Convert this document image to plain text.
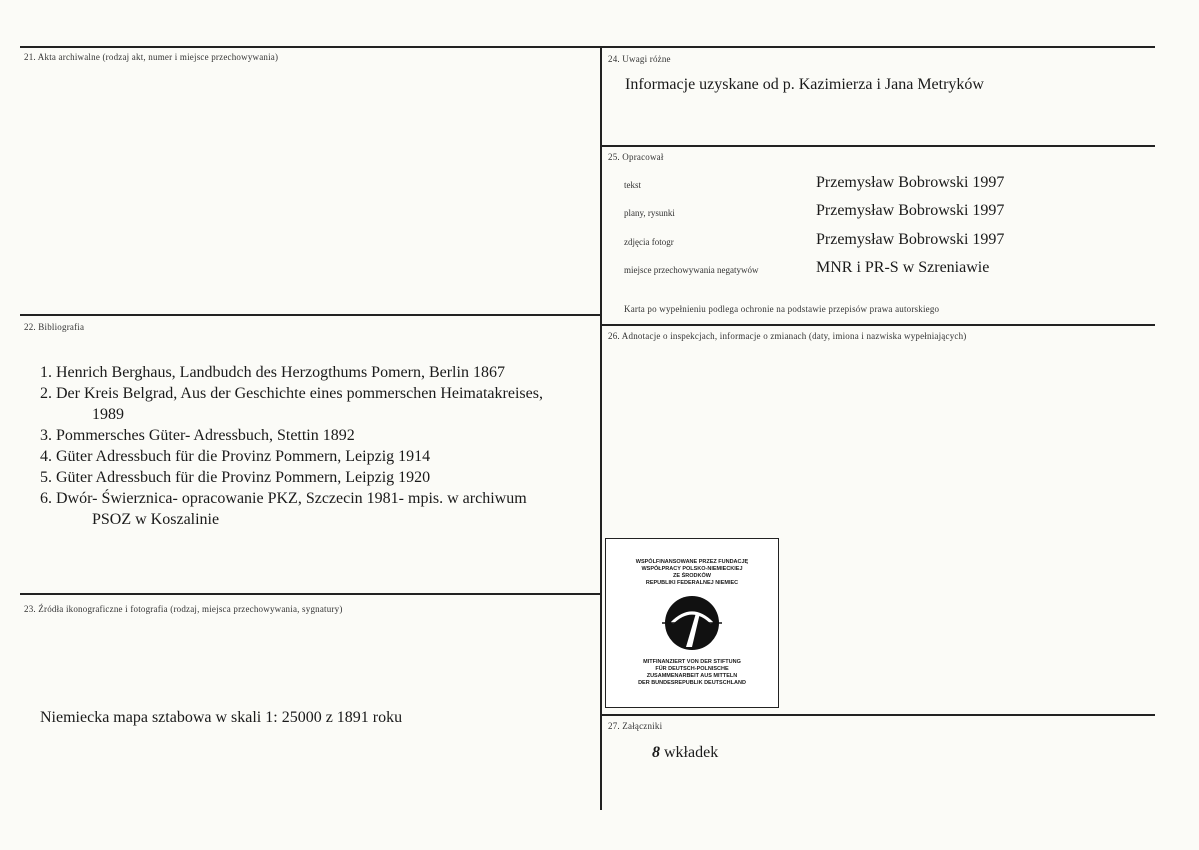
21. Akta archiwalne (rodzaj akt, numer i miejsce przechowywania)
22. Bibliografia
1. Henrich Berghaus, Landbudch des Herzogthums Pomern, Berlin 1867
2. Der Kreis Belgrad, Aus der Geschichte eines pommerschen Heimatakreises,
1989
3. Pommersches Güter- Adressbuch, Stettin 1892
4. Güter Adressbuch für die Provinz Pommern, Leipzig 1914
5. Güter Adressbuch für die Provinz Pommern, Leipzig 1920
6. Dwór- Świerznica- opracowanie PKZ, Szczecin 1981- mpis. w archiwum
PSOZ w Koszalinie
23. Źródła ikonograficzne i fotografia (rodzaj, miejsca przechowywania, sygnatury)
Niemiecka mapa sztabowa w skali 1: 25000 z 1891 roku
24. Uwagi różne
Informacje uzyskane od p. Kazimierza i Jana Metryków
25. Opracował
tekst	Przemysław Bobrowski 1997
plany, rysunki	Przemysław Bobrowski 1997
zdjęcia fotogr	Przemysław Bobrowski 1997
miejsce przechowywania negatywów	MNR i PR-S w Szreniawie
Karta po wypełnieniu podlega ochronie na podstawie przepisów prawa autorskiego
26. Adnotacje o inspekcjach, informacje o zmianach (daty, imiona i nazwiska wypełniających)
WSPÓLFINANSOWANE PRZEZ FUNDACJĘ
WSPÓŁPRACY POLSKO-NIEMIECKIEJ
ZE ŚRODKÓW
REPUBLIKI FEDERALNEJ NIEMIEC
MITFINANZIERT VON DER STIFTUNG
FÜR DEUTSCH-POLNISCHE
ZUSAMMENARBEIT AUS MITTELN
DER BUNDESREPUBLIK DEUTSCHLAND
27. Załączniki
8 wkładek
